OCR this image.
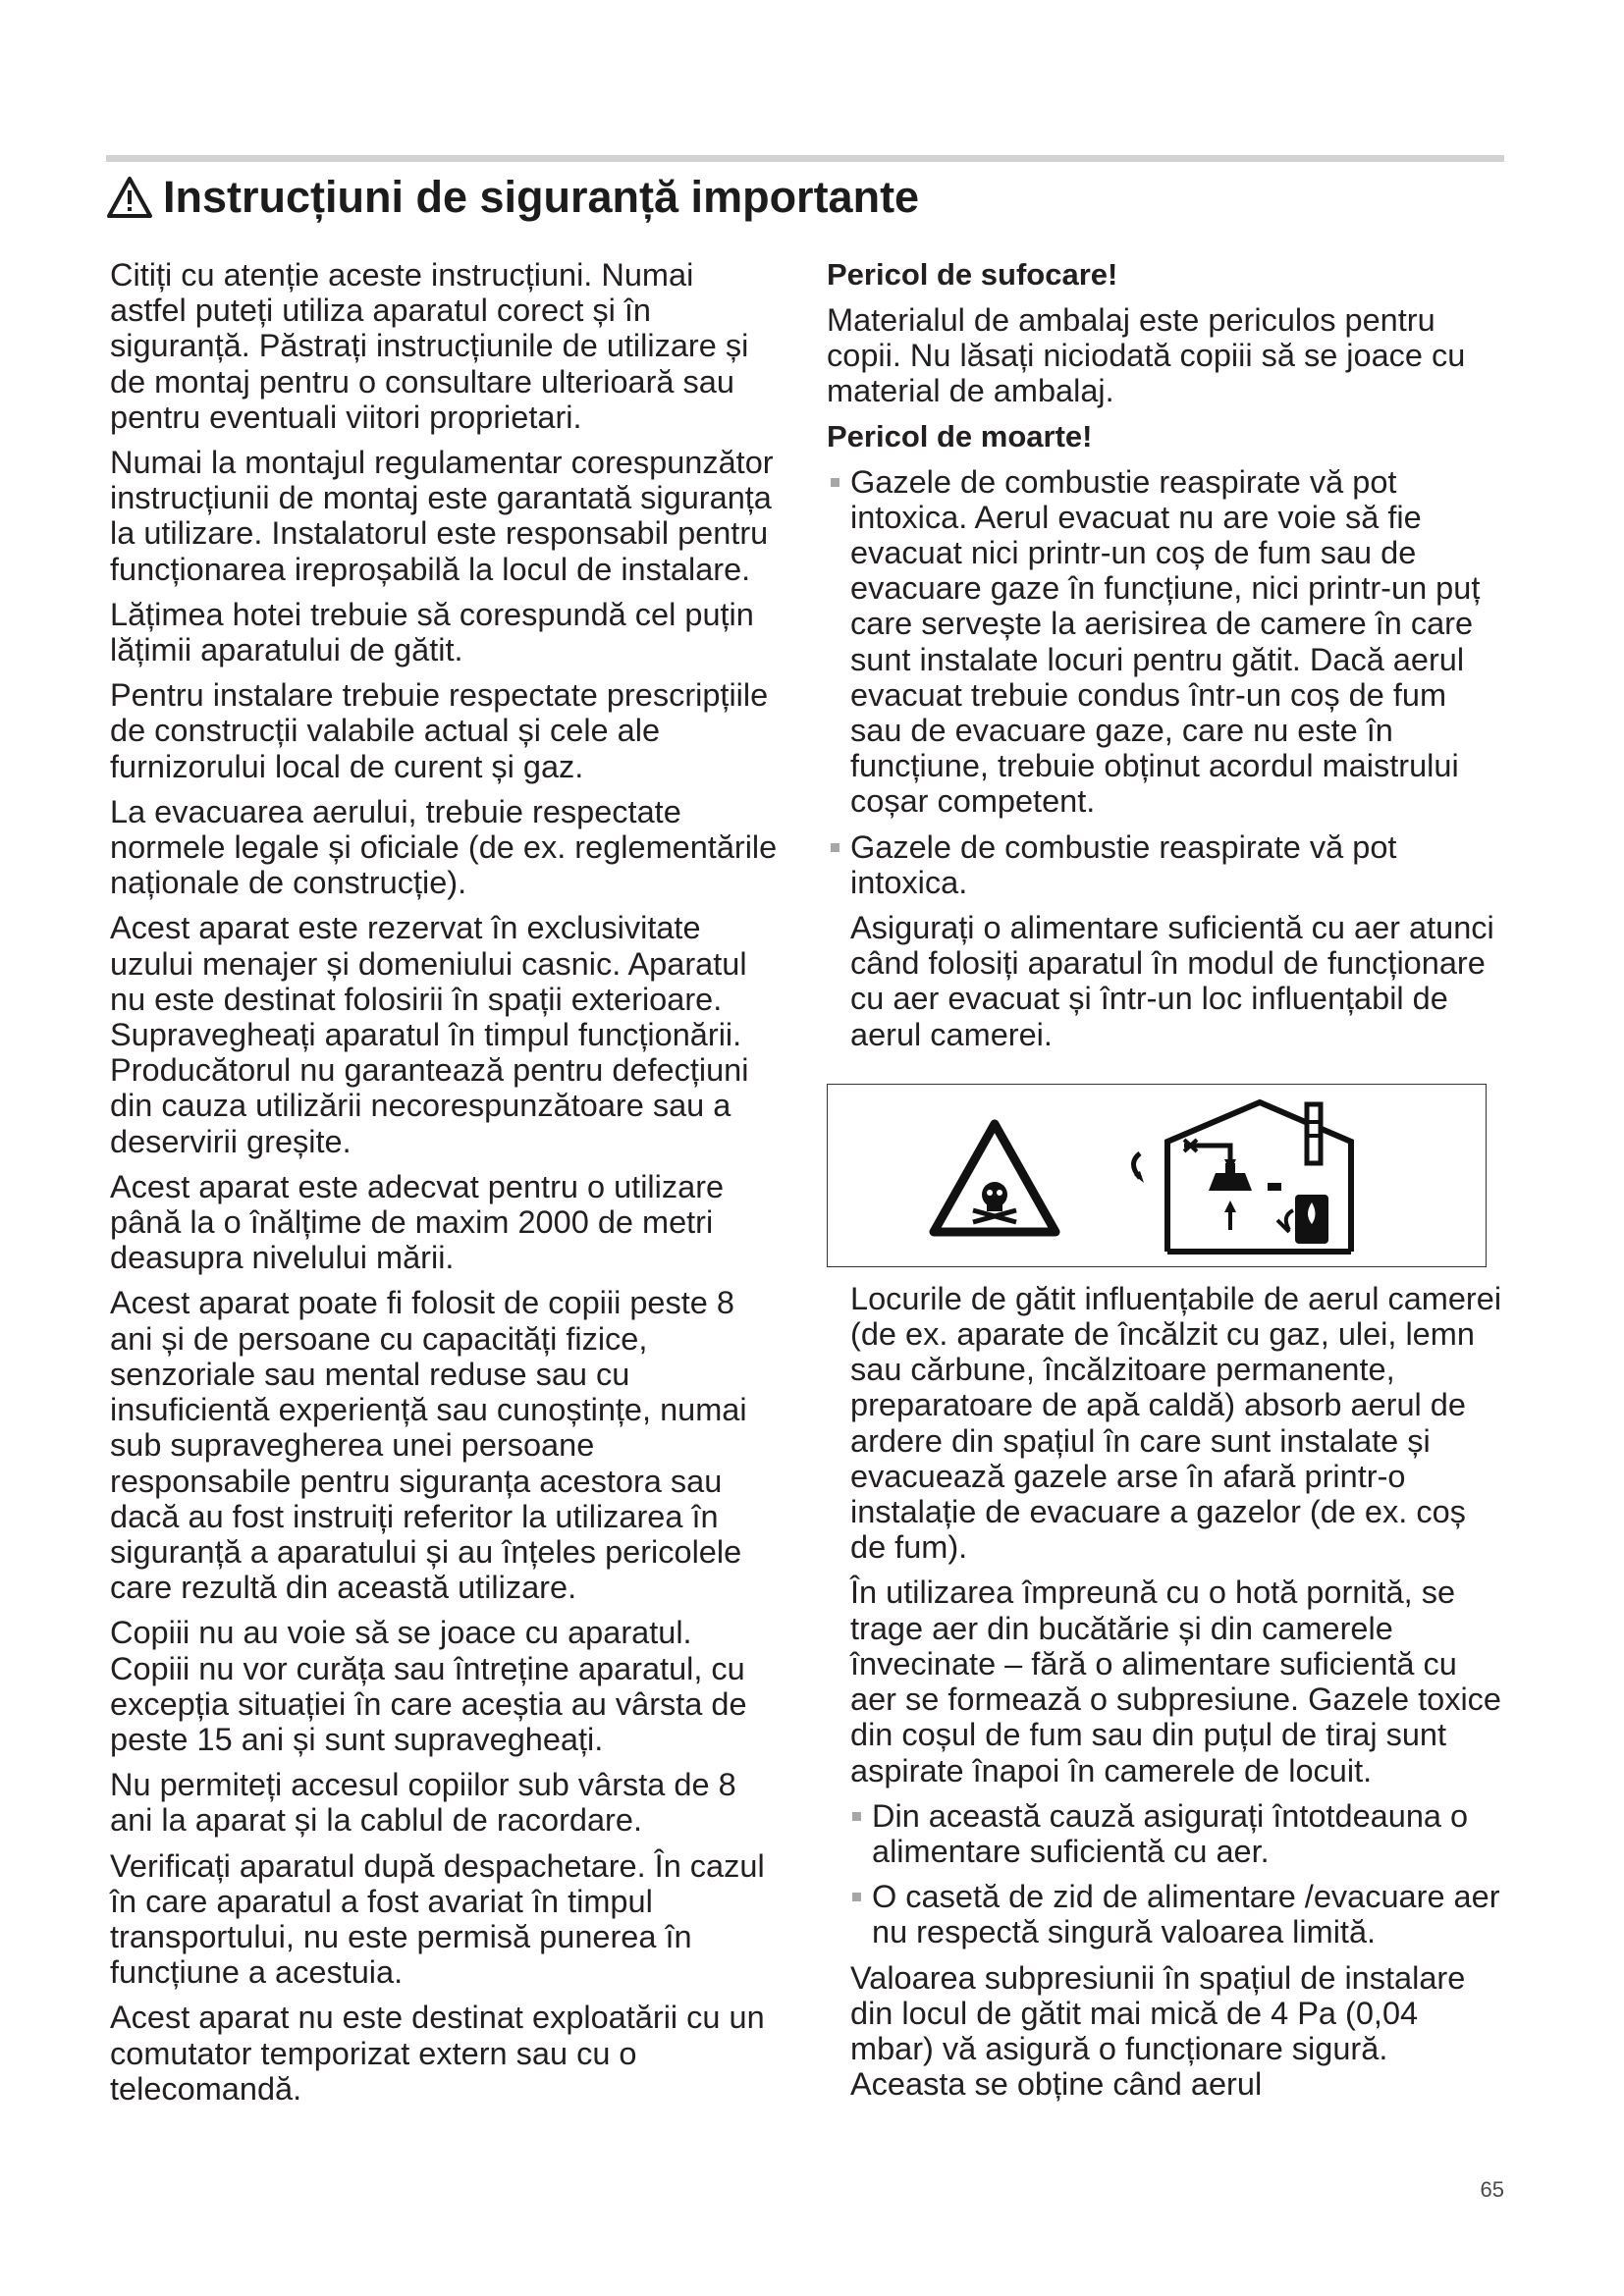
Instrucțiuni de siguranță importante

Citiți cu atenție aceste instrucțiuni. Numai astfel puteți utiliza aparatul corect și în siguranță. Păstrați instrucțiunile de utilizare și de montaj pentru o consultare ulterioară sau pentru eventuali viitori proprietari.

Numai la montajul regulamentar corespunzător instrucțiunii de montaj este garantată siguranța la utilizare. Instalatorul este responsabil pentru funcționarea ireproșabilă la locul de instalare.

Lățimea hotei trebuie să corespundă cel puțin lățimii aparatului de gătit.

Pentru instalare trebuie respectate prescripțiile de construcții valabile actual și cele ale furnizorului local de curent și gaz.

La evacuarea aerului, trebuie respectate normele legale și oficiale (de ex. reglementările naționale de construcție).

Acest aparat este rezervat în exclusivitate uzului menajer și domeniului casnic. Aparatul nu este destinat folosirii în spații exterioare. Supravegheați aparatul în timpul funcționării. Producătorul nu garantează pentru defecțiuni din cauza utilizării necorespunzătoare sau a deservirii greșite.

Acest aparat este adecvat pentru o utilizare până la o înălțime de maxim 2000 de metri deasupra nivelului mării.

Acest aparat poate fi folosit de copiii peste 8 ani și de persoane cu capacități fizice, senzoriale sau mental reduse sau cu insuficientă experiență sau cunoștințe, numai sub supravegherea unei persoane responsabile pentru siguranța acestora sau dacă au fost instruiți referitor la utilizarea în siguranță a aparatului și au înțeles pericolele care rezultă din această utilizare.

Copiii nu au voie să se joace cu aparatul. Copiii nu vor curăța sau întreține aparatul, cu excepția situației în care aceștia au vârsta de peste 15 ani și sunt supravegheați.

Nu permiteți accesul copiilor sub vârsta de 8 ani la aparat și la cablul de racordare.

Verificați aparatul după despachetare. În cazul în care aparatul a fost avariat în timpul transportului, nu este permisă punerea în funcțiune a acestuia.

Acest aparat nu este destinat exploatării cu un comutator temporizat extern sau cu o telecomandă.

Pericol de sufocare!

Materialul de ambalaj este periculos pentru copii. Nu lăsați niciodată copiii să se joace cu material de ambalaj.

Pericol de moarte!

Gazele de combustie reaspirate vă pot intoxica. Aerul evacuat nu are voie să fie evacuat nici printr-un coș de fum sau de evacuare gaze în funcțiune, nici printr-un puț care servește la aerisirea de camere în care sunt instalate locuri pentru gătit. Dacă aerul evacuat trebuie condus într-un coș de fum sau de evacuare gaze, care nu este în funcțiune, trebuie obținut acordul maistrului coșar competent.

Gazele de combustie reaspirate vă pot intoxica.

Asigurați o alimentare suficientă cu aer atunci când folosiți aparatul în modul de funcționare cu aer evacuat și într-un loc influențabil de aerul camerei.

Locurile de gătit influențabile de aerul camerei (de ex. aparate de încălzit cu gaz, ulei, lemn sau cărbune, încălzitoare permanente, preparatoare de apă caldă) absorb aerul de ardere din spațiul în care sunt instalate și evacuează gazele arse în afară printr-o instalație de evacuare a gazelor (de ex. coș de fum).

În utilizarea împreună cu o hotă pornită, se trage aer din bucătărie și din camerele învecinate – fără o alimentare suficientă cu aer se formează o subpresiune. Gazele toxice din coșul de fum sau din puțul de tiraj sunt aspirate înapoi în camerele de locuit.

Din această cauză asigurați întotdeauna o alimentare suficientă cu aer.

O casetă de zid de alimentare /evacuare aer nu respectă singură valoarea limită.

Valoarea subpresiunii în spațiul de instalare din locul de gătit mai mică de 4 Pa (0,04 mbar) vă asigură o funcționare sigură. Aceasta se obține când aerul

65
